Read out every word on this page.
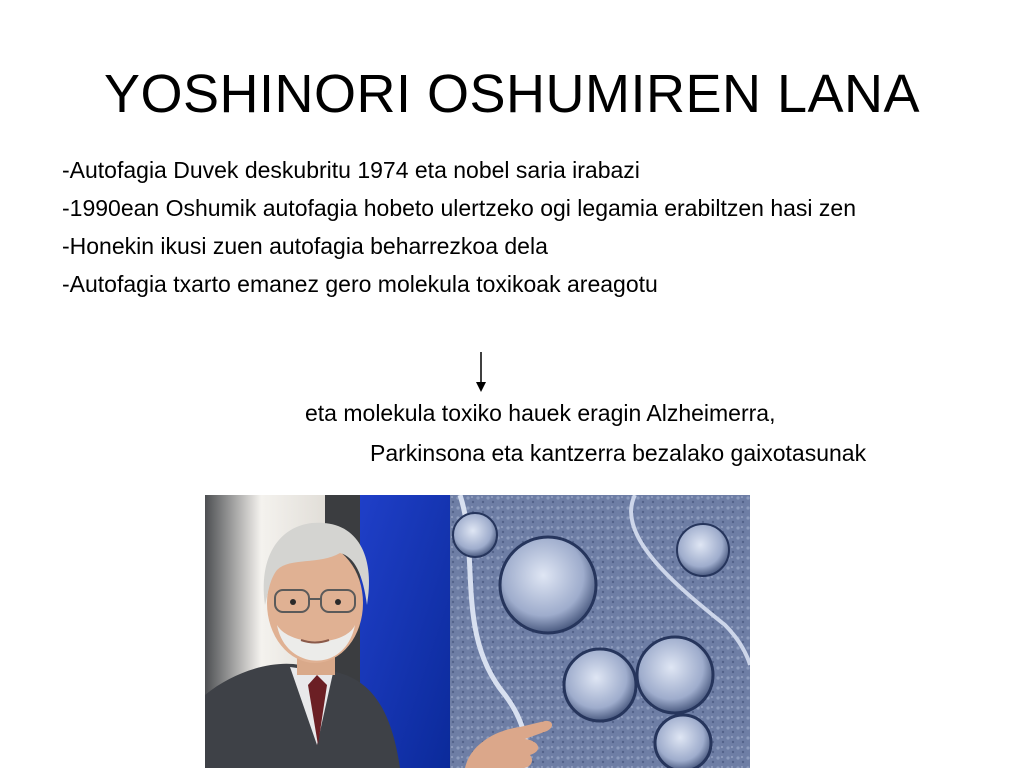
YOSHINORI OSHUMIREN LANA
-Autofagia Duvek deskubritu 1974 eta nobel saria irabazi
-1990ean Oshumik autofagia hobeto ulertzeko ogi legamia erabiltzen hasi zen
-Honekin ikusi zuen autofagia beharrezkoa dela
-Autofagia txarto emanez gero molekula toxikoak areagotu
eta molekula toxiko hauek eragin Alzheimerra,
Parkinsona eta kantzerra bezalako gaixotasunak
